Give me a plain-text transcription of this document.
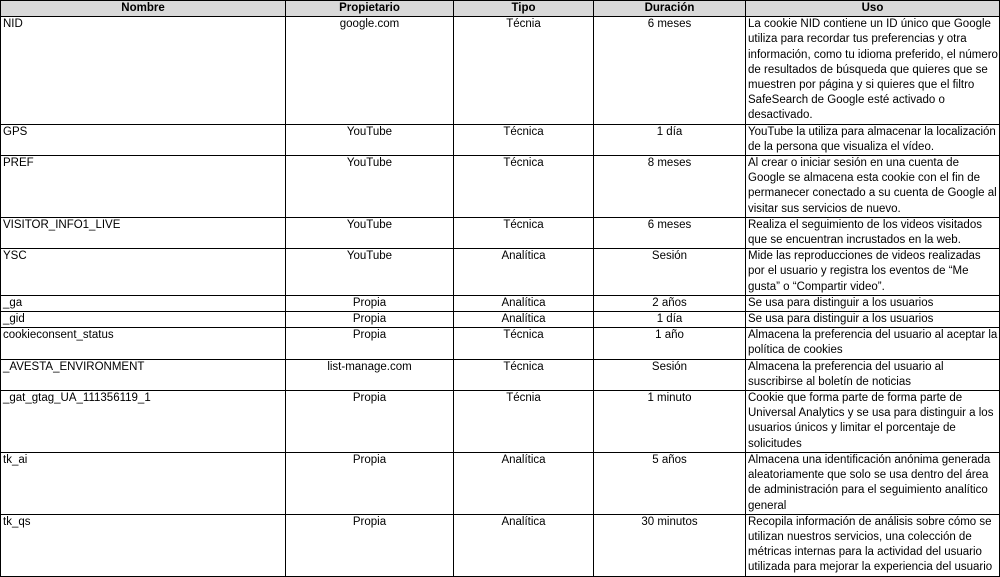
Nombre	Propietario	Tipo	Duración	Uso
NID	google.com	Técnia	6 meses	La cookie NID contiene un ID único que Google utiliza para recordar tus preferencias y otra información, como tu idioma preferido, el número de resultados de búsqueda que quieres que se muestren por página y si quieres que el filtro SafeSearch de Google esté activado o desactivado.
GPS	YouTube	Técnica	1 día	YouTube la utiliza para almacenar la localización de la persona que visualiza el vídeo.
PREF	YouTube	Técnica	8 meses	Al crear o iniciar sesión en una cuenta de Google se almacena esta cookie con el fin de permanecer conectado a su cuenta de Google al visitar sus servicios de nuevo.
VISITOR_INFO1_LIVE	YouTube	Técnica	6 meses	Realiza el seguimiento de los videos visitados que se encuentran incrustados en la web.
YSC	YouTube	Analítica	Sesión	Mide las reproducciones de videos realizadas por el usuario y registra los eventos de “Me gusta” o “Compartir video”.
_ga	Propia	Analítica	2 años	Se usa para distinguir a los usuarios
_gid	Propia	Analítica	1 día	Se usa para distinguir a los usuarios
cookieconsent_status	Propia	Técnica	1 año	Almacena la preferencia del usuario al aceptar la política de cookies
_AVESTA_ENVIRONMENT	list-manage.com	Técnica	Sesión	Almacena la preferencia del usuario al suscribirse al boletín de noticias
_gat_gtag_UA_111356119_1	Propia	Técnia	1 minuto	Cookie que forma parte de forma parte de Universal Analytics y se usa para distinguir a los usuarios únicos y limitar el porcentaje de solicitudes
tk_ai	Propia	Analítica	5 años	Almacena una identificación anónima generada aleatoriamente que solo se usa dentro del área de administración para el seguimiento analítico general
tk_qs	Propia	Analítica	30 minutos	Recopila información de análisis sobre cómo se utilizan nuestros servicios, una colección de métricas internas para la actividad del usuario utilizada para mejorar la experiencia del usuario
